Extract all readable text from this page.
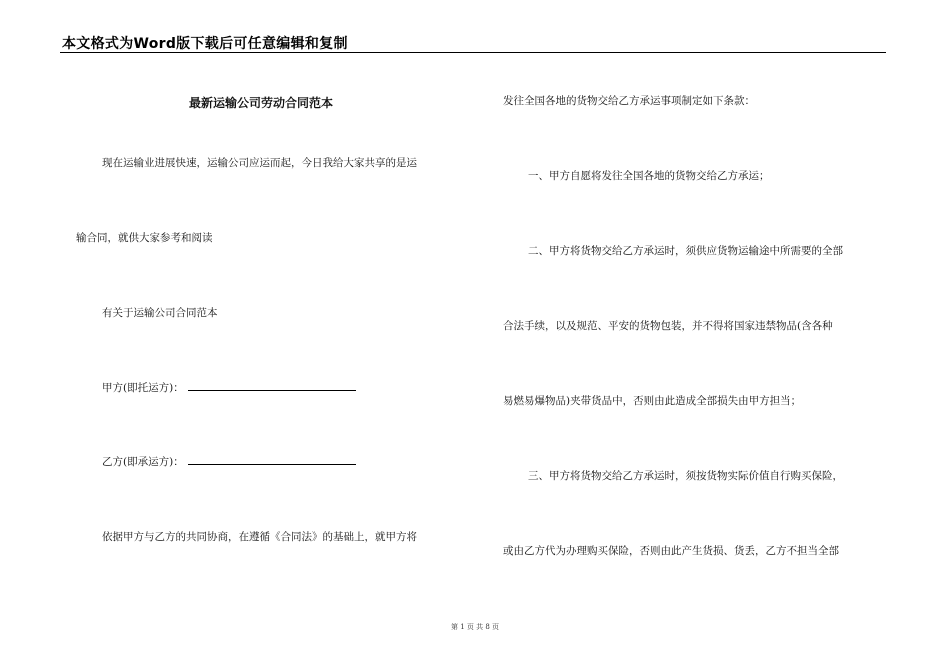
本文格式为Word版下载后可任意编辑和复制
最新运输公司劳动合同范本
现在运输业进展快速，运输公司应运而起，今日我给大家共享的是运
输合同，就供大家参考和阅读
有关于运输公司合同范本
甲方(即托运方)：
乙方(即承运方)：
依据甲方与乙方的共同协商，在遵循《合同法》的基础上，就甲方将
发往全国各地的货物交给乙方承运事项制定如下条款：
一、甲方自愿将发往全国各地的货物交给乙方承运；
二、甲方将货物交给乙方承运时，须供应货物运输途中所需要的全部
合法手续，以及规范、平安的货物包装，并不得将国家违禁物品(含各种
易燃易爆物品)夹带货品中，否则由此造成全部损失由甲方担当；
三、甲方将货物交给乙方承运时，须按货物实际价值自行购买保险，
或由乙方代为办理购买保险，否则由此产生货损、货丢，乙方不担当全部
第 1 页 共 8 页
